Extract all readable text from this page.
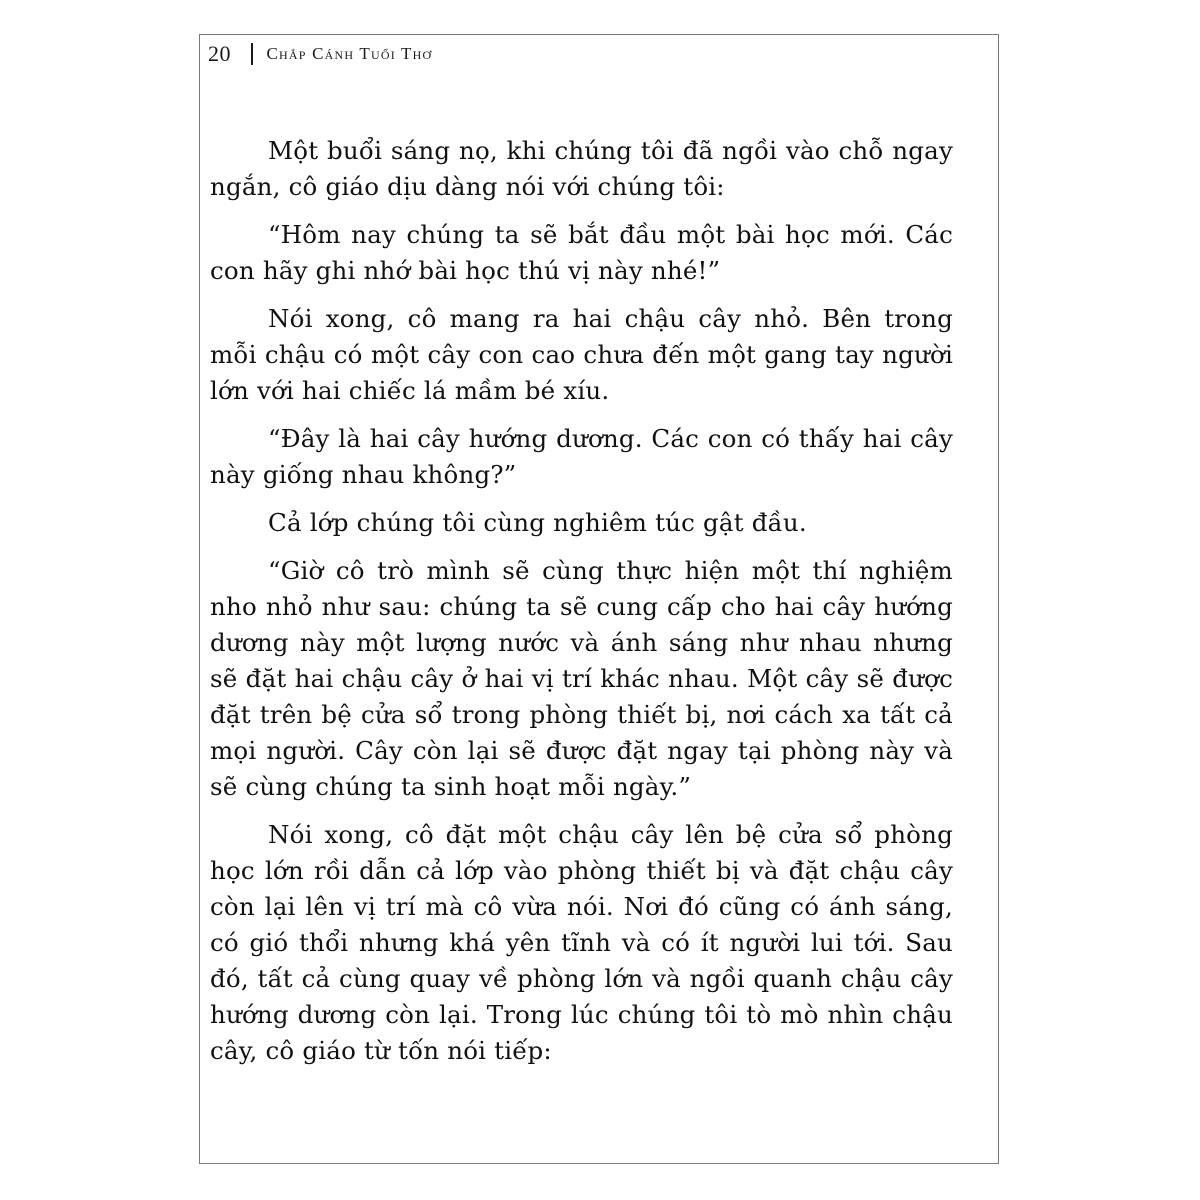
20 Chắp Cánh Tuổi Thơ

Một buổi sáng nọ, khi chúng tôi đã ngồi vào chỗ ngay ngắn, cô giáo dịu dàng nói với chúng tôi:

“Hôm nay chúng ta sẽ bắt đầu một bài học mới. Các con hãy ghi nhớ bài học thú vị này nhé!”

Nói xong, cô mang ra hai chậu cây nhỏ. Bên trong mỗi chậu có một cây con cao chưa đến một gang tay người lớn với hai chiếc lá mầm bé xíu.

“Đây là hai cây hướng dương. Các con có thấy hai cây này giống nhau không?”

Cả lớp chúng tôi cùng nghiêm túc gật đầu.

“Giờ cô trò mình sẽ cùng thực hiện một thí nghiệm nho nhỏ như sau: chúng ta sẽ cung cấp cho hai cây hướng dương này một lượng nước và ánh sáng như nhau nhưng sẽ đặt hai chậu cây ở hai vị trí khác nhau. Một cây sẽ được đặt trên bệ cửa sổ trong phòng thiết bị, nơi cách xa tất cả mọi người. Cây còn lại sẽ được đặt ngay tại phòng này và sẽ cùng chúng ta sinh hoạt mỗi ngày.”

Nói xong, cô đặt một chậu cây lên bệ cửa sổ phòng học lớn rồi dẫn cả lớp vào phòng thiết bị và đặt chậu cây còn lại lên vị trí mà cô vừa nói. Nơi đó cũng có ánh sáng, có gió thổi nhưng khá yên tĩnh và có ít người lui tới. Sau đó, tất cả cùng quay về phòng lớn và ngồi quanh chậu cây hướng dương còn lại. Trong lúc chúng tôi tò mò nhìn chậu cây, cô giáo từ tốn nói tiếp:
